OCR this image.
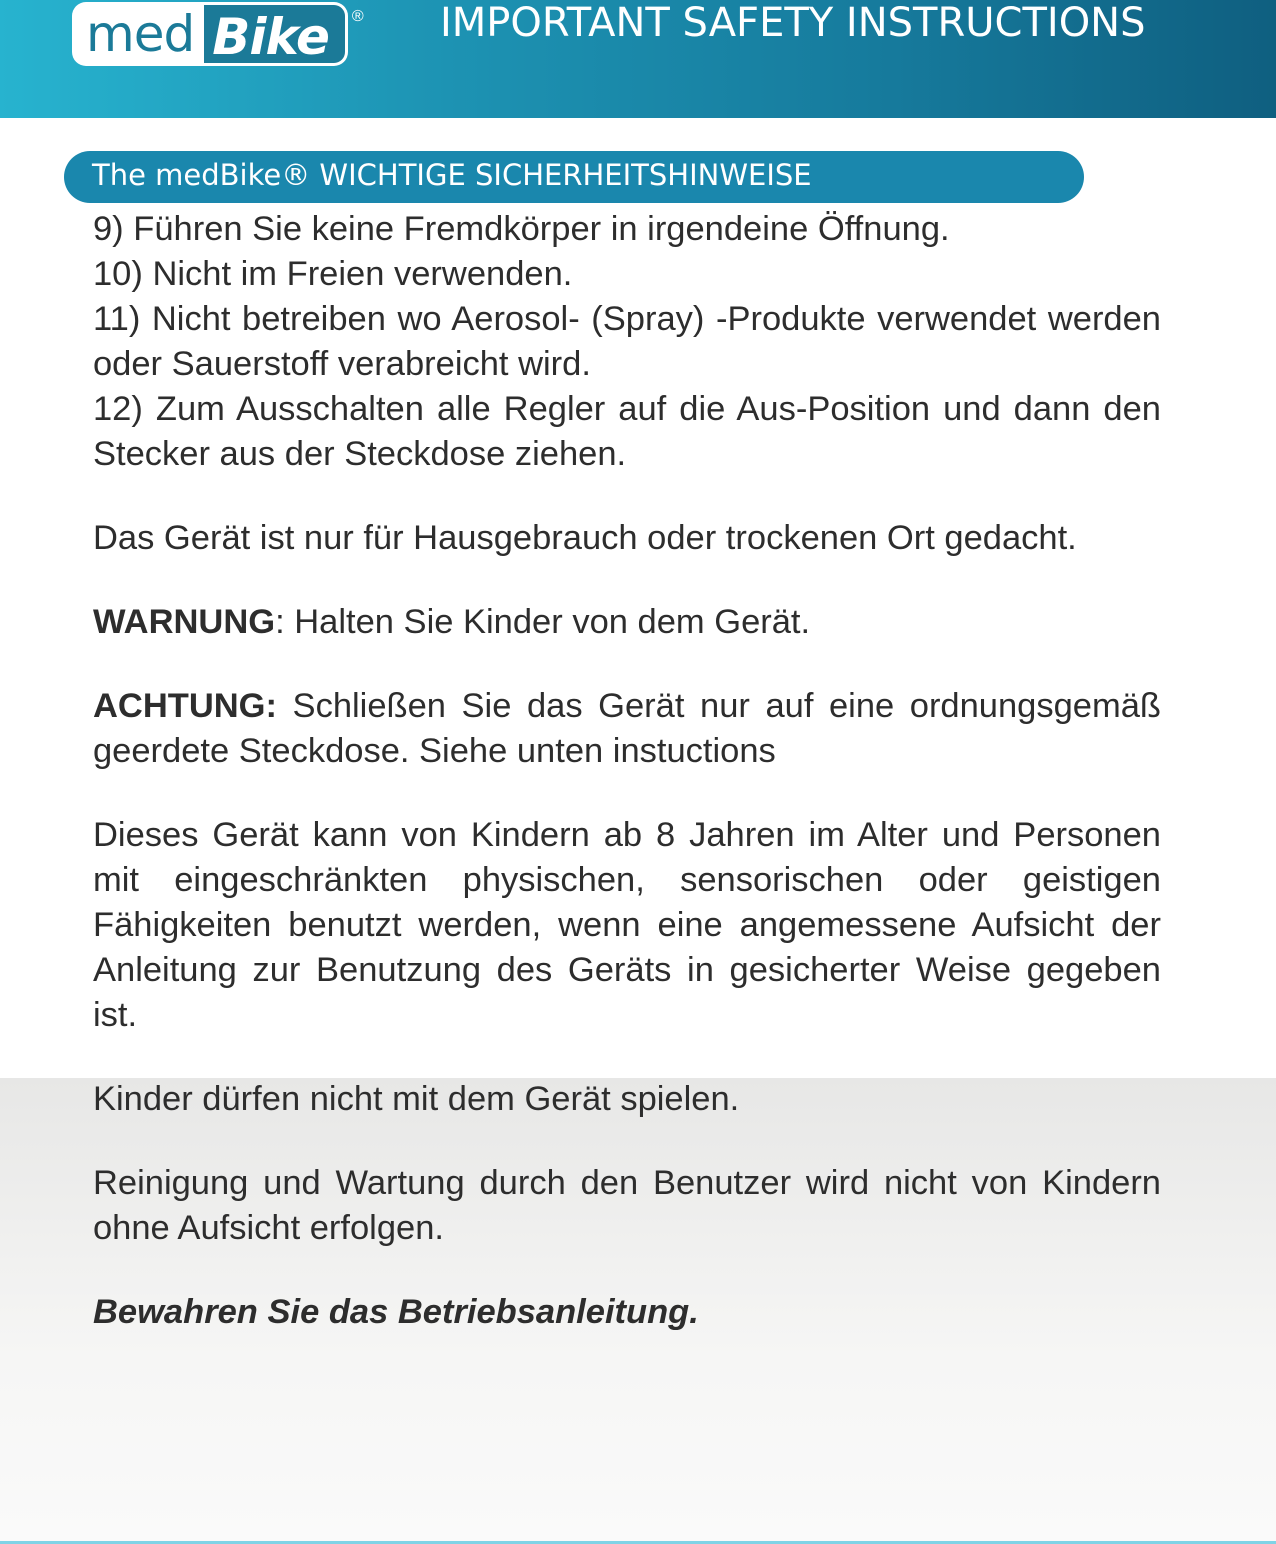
med Bike	® IMPORTANT SAFETY INSTRUCTIONS
The medBike® WICHTIGE SICHERHEITSHINWEISE

9) Führen Sie keine Fremdkörper in irgendeine Öffnung.

10) Nicht im Freien verwenden.

11) Nicht betreiben wo Aerosol- (Spray) -Produkte verwendet werden oder Sauerstoff verabreicht wird.

12) Zum Ausschalten alle Regler auf die Aus-Position und dann den Stecker aus der Steckdose ziehen.

Das Gerät ist nur für Hausgebrauch oder trockenen Ort gedacht.

WARNUNG: Halten Sie Kinder von dem Gerät.

ACHTUNG: Schließen Sie das Gerät nur auf eine ordnungsgemäß geerdete Steckdose. Siehe unten instuctions

Dieses Gerät kann von Kindern ab 8 Jahren im Alter und Personen mit eingeschränkten physischen, sensorischen oder geistigen Fähigkeiten benutzt werden, wenn eine angemessene Aufsicht der Anleitung zur Benutzung des Geräts in gesicherter Weise gegeben ist.

Kinder dürfen nicht mit dem Gerät spielen.

Reinigung und Wartung durch den Benutzer wird nicht von Kindern ohne Aufsicht erfolgen.

Bewahren Sie das Betriebsanleitung.
